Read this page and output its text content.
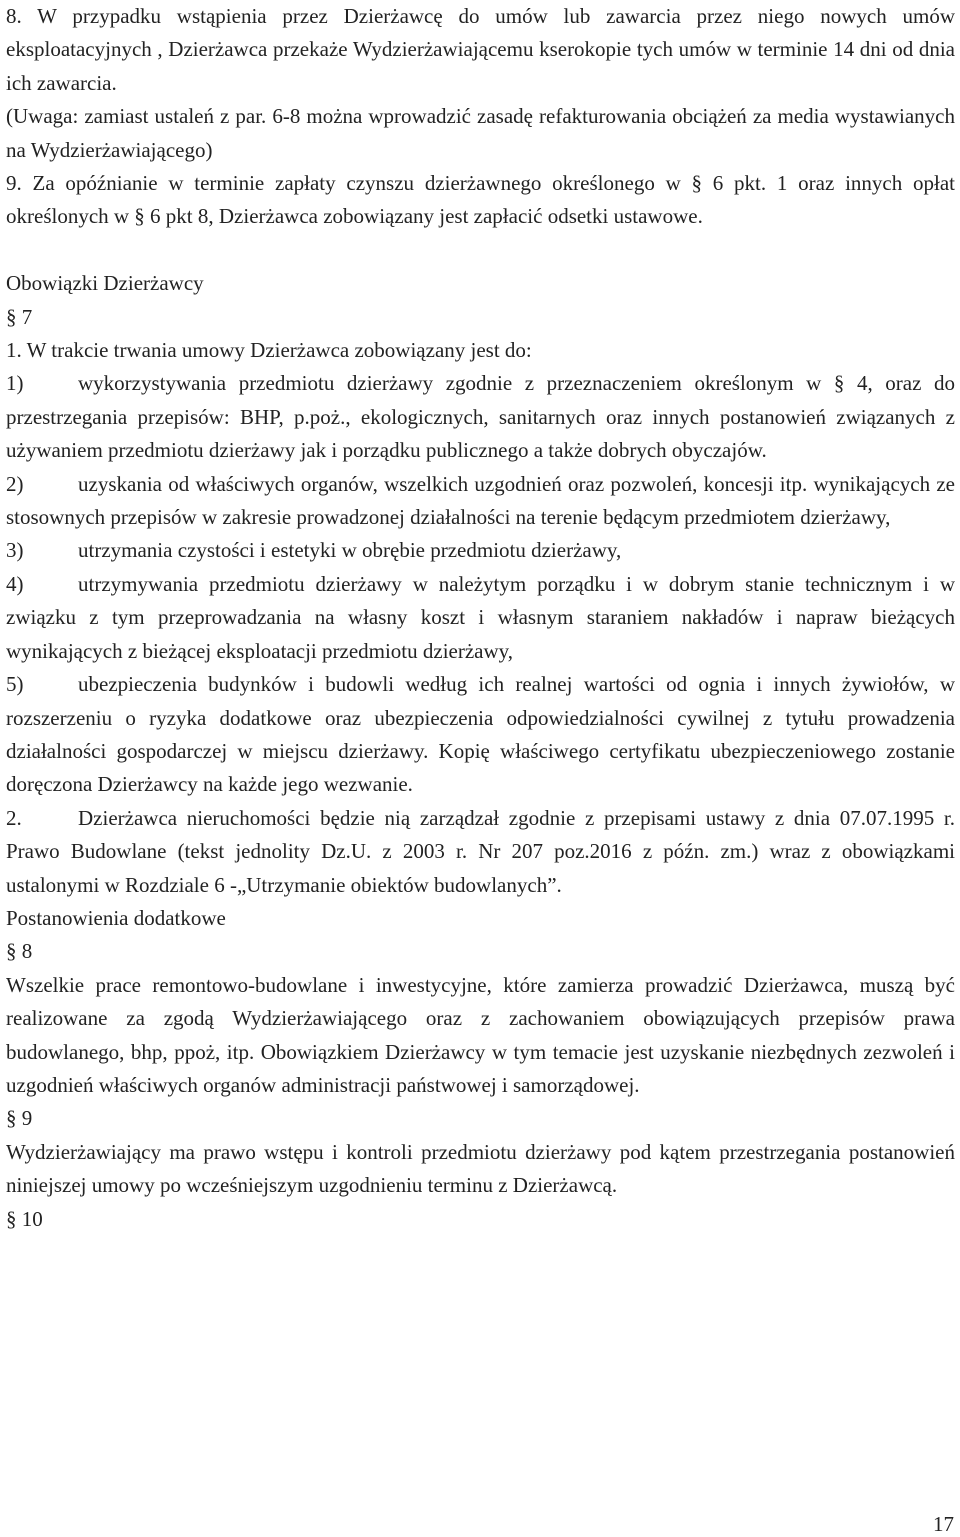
8. W przypadku wstąpienia przez Dzierżawcę do umów lub zawarcia przez niego nowych umów eksploatacyjnych , Dzierżawca przekaże Wydzierżawiającemu kserokopie tych umów w terminie 14 dni od dnia ich zawarcia.

(Uwaga: zamiast ustaleń z par. 6-8 można wprowadzić zasadę refakturowania obciążeń za media wystawianych na Wydzierżawiającego)

9. Za opóźnianie w terminie zapłaty czynszu dzierżawnego określonego w § 6 pkt. 1 oraz innych opłat określonych w § 6 pkt 8, Dzierżawca zobowiązany jest zapłacić odsetki ustawowe.

Obowiązki Dzierżawcy

§ 7

1. W trakcie trwania umowy Dzierżawca zobowiązany jest do:

1)	wykorzystywania przedmiotu dzierżawy zgodnie z przeznaczeniem określonym w § 4, oraz do przestrzegania przepisów: BHP, p.poż., ekologicznych, sanitarnych oraz innych postanowień związanych z używaniem przedmiotu dzierżawy jak i porządku publicznego a także dobrych obyczajów.

2)	uzyskania od właściwych organów, wszelkich uzgodnień oraz pozwoleń, koncesji itp. wynikających ze stosownych przepisów w zakresie prowadzonej działalności na terenie będącym przedmiotem dzierżawy,

3)	utrzymania czystości i estetyki w obrębie przedmiotu dzierżawy,

4)	utrzymywania przedmiotu dzierżawy w należytym porządku i w dobrym stanie technicznym i w związku z tym przeprowadzania na własny koszt i własnym staraniem nakładów i napraw bieżących wynikających z bieżącej eksploatacji przedmiotu dzierżawy,

5)	ubezpieczenia budynków i budowli według ich realnej wartości od ognia i innych żywiołów, w rozszerzeniu o ryzyka dodatkowe oraz ubezpieczenia odpowiedzialności cywilnej z tytułu prowadzenia działalności gospodarczej w miejscu dzierżawy. Kopię właściwego certyfikatu ubezpieczeniowego zostanie doręczona Dzierżawcy na każde jego wezwanie.

2.	Dzierżawca nieruchomości będzie nią zarządzał zgodnie z przepisami ustawy z dnia 07.07.1995 r. Prawo Budowlane (tekst jednolity Dz.U. z 2003 r. Nr 207 poz.2016 z późn. zm.) wraz z obowiązkami ustalonymi w Rozdziale 6 -„Utrzymanie obiektów budowlanych”.

Postanowienia dodatkowe

§ 8

Wszelkie prace remontowo-budowlane i inwestycyjne, które zamierza prowadzić Dzierżawca, muszą być realizowane za zgodą Wydzierżawiającego oraz z zachowaniem obowiązujących przepisów prawa budowlanego, bhp, ppoż, itp. Obowiązkiem Dzierżawcy w tym temacie jest uzyskanie niezbędnych zezwoleń i uzgodnień właściwych organów administracji państwowej i samorządowej.

§ 9

Wydzierżawiający ma prawo wstępu i kontroli przedmiotu dzierżawy pod kątem przestrzegania postanowień niniejszej umowy po wcześniejszym uzgodnieniu terminu z Dzierżawcą.

§ 10

17
